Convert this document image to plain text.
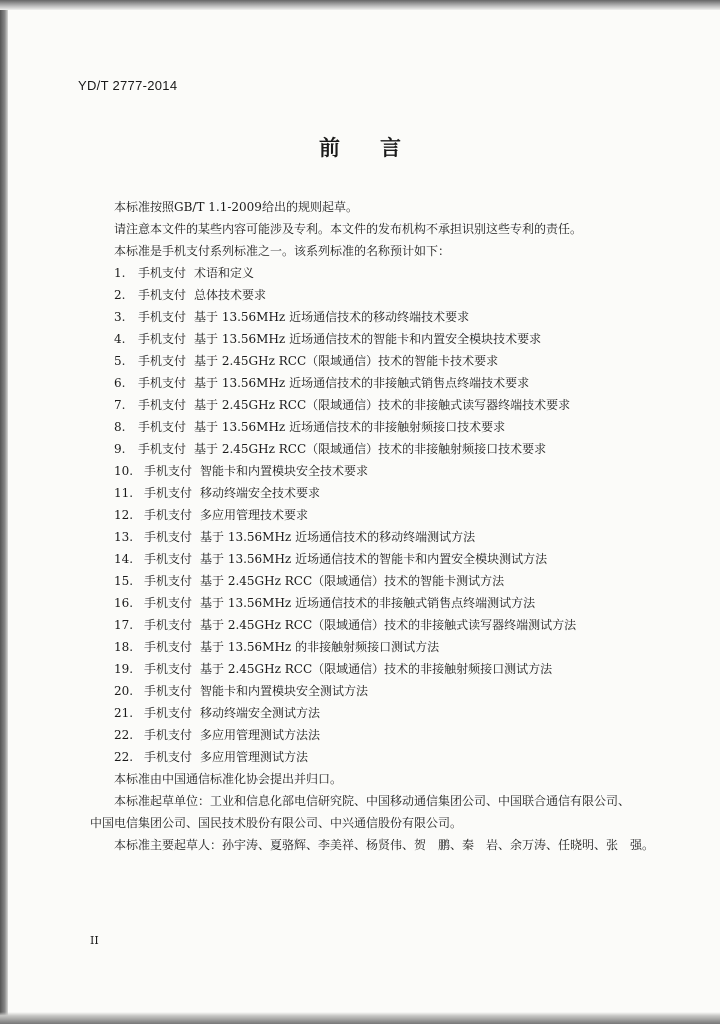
YD/T 2777-2014
前 言
本标准按照GB/T 1.1-2009给出的规则起草。
请注意本文件的某些内容可能涉及专利。本文件的发布机构不承担识别这些专利的责任。
本标准是手机支付系列标准之一。该系列标准的名称预计如下：
1. 手机支付 术语和定义
2. 手机支付 总体技术要求
3. 手机支付 基于 13.56MHz 近场通信技术的移动终端技术要求
4. 手机支付 基于 13.56MHz 近场通信技术的智能卡和内置安全模块技术要求
5. 手机支付 基于 2.45GHz RCC（限域通信）技术的智能卡技术要求
6. 手机支付 基于 13.56MHz 近场通信技术的非接触式销售点终端技术要求
7. 手机支付 基于 2.45GHz RCC（限域通信）技术的非接触式读写器终端技术要求
8. 手机支付 基于 13.56MHz 近场通信技术的非接触射频接口技术要求
9. 手机支付 基于 2.45GHz RCC（限域通信）技术的非接触射频接口技术要求
10. 手机支付 智能卡和内置模块安全技术要求
11. 手机支付 移动终端安全技术要求
12. 手机支付 多应用管理技术要求
13. 手机支付 基于 13.56MHz 近场通信技术的移动终端测试方法
14. 手机支付 基于 13.56MHz 近场通信技术的智能卡和内置安全模块测试方法
15. 手机支付 基于 2.45GHz RCC（限域通信）技术的智能卡测试方法
16. 手机支付 基于 13.56MHz 近场通信技术的非接触式销售点终端测试方法
17. 手机支付 基于 2.45GHz RCC（限域通信）技术的非接触式读写器终端测试方法
18. 手机支付 基于 13.56MHz 的非接触射频接口测试方法
19. 手机支付 基于 2.45GHz RCC（限域通信）技术的非接触射频接口测试方法
20. 手机支付 智能卡和内置模块安全测试方法
21. 手机支付 移动终端安全测试方法
22. 手机支付 多应用管理测试方法法
22. 手机支付 多应用管理测试方法
本标准由中国通信标准化协会提出并归口。
本标准起草单位：工业和信息化部电信研究院、中国移动通信集团公司、中国联合通信有限公司、
中国电信集团公司、国民技术股份有限公司、中兴通信股份有限公司。
本标准主要起草人：孙宇涛、夏骆辉、李美祥、杨贤伟、贺　鹏、秦　岩、余万涛、任晓明、张　强。
II
